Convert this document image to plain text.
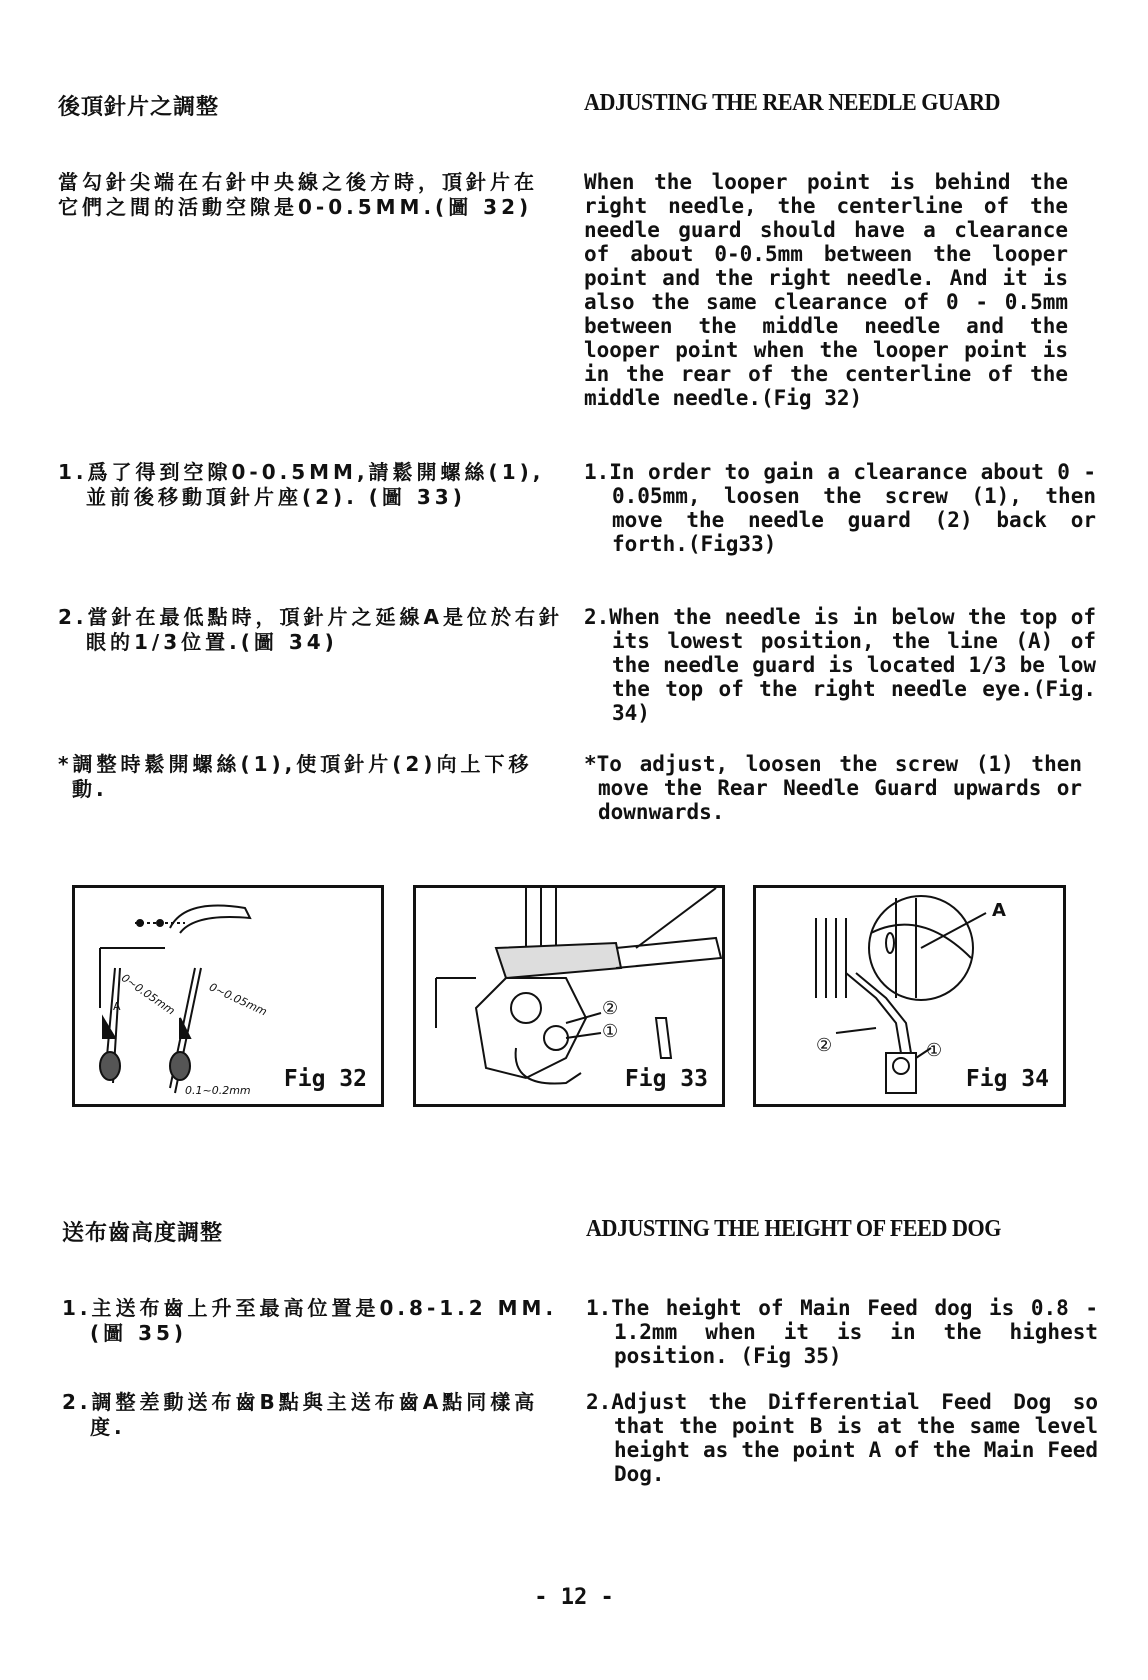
後頂針片之調整	ADJUSTING THE REAR NEEDLE GUARD
當勾針尖端在右針中央線之後方時，頂針片在它們之間的活動空隙是0-0.5MM.(圖 32)
When the looper point is behind the right needle, the centerline of the needle guard should have a clearance of about 0-0.5mm between the looper point and the right needle. And it is also the same clearance of 0 - 0.5mm between the middle needle and the looper point when the looper point is in the rear of the centerline of the middle needle.(Fig 32)
1.爲了得到空隙0-0.5MM,請鬆開螺絲(1),並前後移動頂針片座(2). (圖 33)
1.In order to gain a clearance about 0 - 0.05mm, loosen the screw (1), then move the needle guard (2) back or forth.(Fig33)
2.當針在最低點時，頂針片之延線A是位於右針眼的1/3位置.(圖 34)
2.When the needle is in below the top of its lowest position, the line (A) of the needle guard is located 1/3 be low the top of the right needle eye.(Fig. 34)
*調整時鬆開螺絲(1),使頂針片(2)向上下移動.
*To adjust, loosen the screw (1) then move the Rear Needle Guard upwards or downwards.
0~0.05mm	0~0.05mm
0.1~0.2mm
A
Fig 32
②
①
Fig 33
A
②	①
Fig 34
送布齒高度調整	ADJUSTING THE HEIGHT OF FEED DOG
1.主送布齒上升至最高位置是0.8-1.2 MM.(圖 35)
1.The height of Main Feed dog is 0.8 - 1.2mm when it is in the highest position. (Fig 35)
2.調整差動送布齒B點與主送布齒A點同樣高度.
2.Adjust the Differential Feed Dog so that the point B is at the same level height as the point A of the Main Feed Dog.
- 12 -
